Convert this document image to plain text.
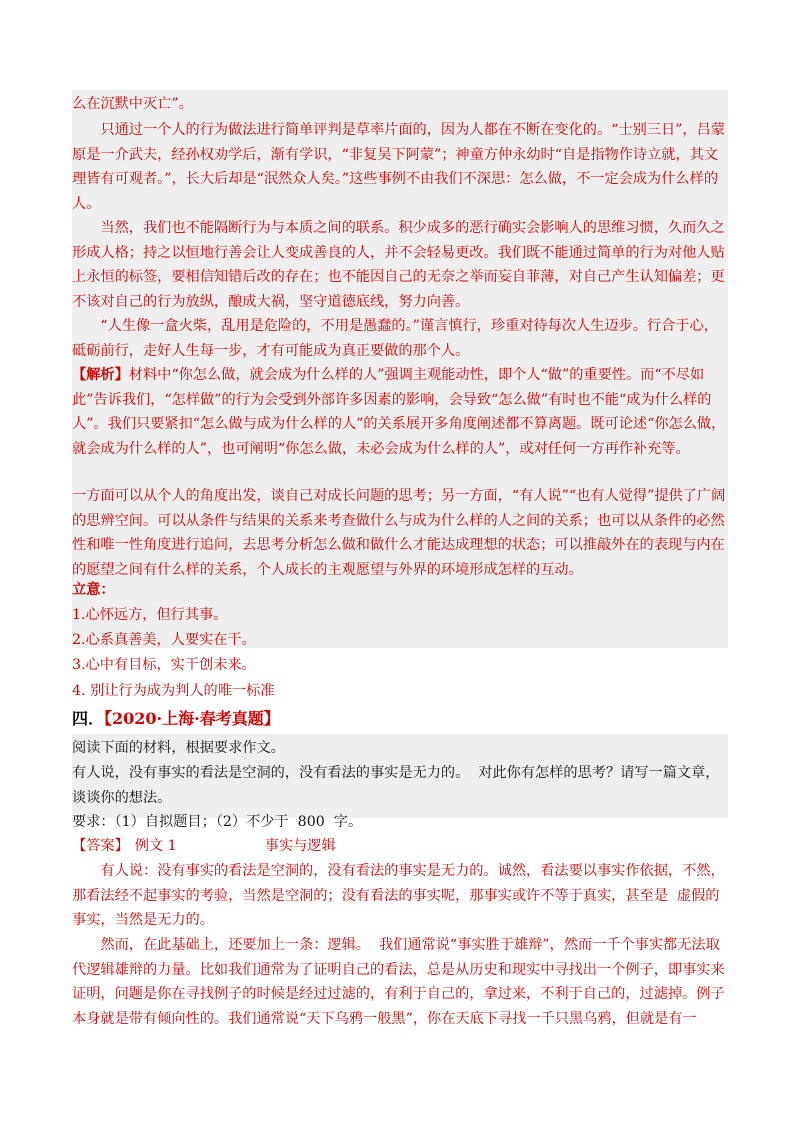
么在沉默中灭亡”。

只通过一个人的行为做法进行简单评判是草率片面的，因为人都在不断在变化的。“士别三日”，吕蒙原是一介武夫，经孙权劝学后，渐有学识，“非复吴下阿蒙”；神童方仲永幼时“自是指物作诗立就，其文理皆有可观者。”，长大后却是“泯然众人矣。”这些事例不由我们不深思：怎么做，不一定会成为什么样的人。

当然，我们也不能隔断行为与本质之间的联系。积少成多的恶行确实会影响人的思维习惯，久而久之形成人格；持之以恒地行善会让人变成善良的人，并不会轻易更改。我们既不能通过简单的行为对他人贴上永恒的标签，要相信知错后改的存在；也不能因自己的无奈之举而妄自菲薄，对自己产生认知偏差；更不该对自己的行为放纵，酿成大祸，坚守道德底线，努力向善。

“人生像一盒火柴，乱用是危险的，不用是愚蠢的。”谨言慎行，珍重对待每次人生迈步。行合于心，砥砺前行，走好人生每一步，才有可能成为真正要做的那个人。

【解析】材料中“你怎么做，就会成为什么样的人”强调主观能动性，即个人“做”的重要性。而“不尽如此”告诉我们，“怎样做”的行为会受到外部许多因素的影响，会导致“怎么做”有时也不能“成为什么样的人”。我们只要紧扣“怎么做与成为什么样的人”的关系展开多角度阐述都不算离题。既可论述“你怎么做，就会成为什么样的人”，也可阐明“你怎么做，未必会成为什么样的人”，或对任何一方再作补充等。

一方面可以从个人的角度出发，谈自己对成长问题的思考；另一方面，“有人说”“也有人觉得”提供了广阔的思辨空间。可以从条件与结果的关系来考查做什么与成为什么样的人之间的关系；也可以从条件的必然性和唯一性角度进行追问，去思考分析怎么做和做什么才能达成理想的状态；可以推敲外在的表现与内在的愿望之间有什么样的关系，个人成长的主观愿望与外界的环境形成怎样的互动。

立意：

1.心怀远方，但行其事。

2.心系真善美，人要实在干。

3.心中有目标，实干创未来。

4. 别让行为成为判人的唯一标准

四．【2020·上海·春考真题】

阅读下面的材料，根据要求作文。

有人说，没有事实的看法是空洞的，没有看法的事实是无力的。  对此你有怎样的思考？请写一篇文章，谈谈你的想法。

要求：（1）自拟题目；（2）不少于  800  字。

【答案】 例文 1	事实与逻辑

有人说：没有事实的看法是空洞的，没有看法的事实是无力的。诚然，看法要以事实作依据，不然，那看法经不起事实的考验，当然是空洞的；没有看法的事实呢，那事实或许不等于真实，甚至是  虚假的事实，当然是无力的。

然而，在此基础上，还要加上一条：逻辑。  我们通常说“事实胜于雄辩”，然而一千个事实都无法取代逻辑雄辩的力量。比如我们通常为了证明自己的看法，总是从历史和现实中寻找出一个例子，即事实来证明，问题是你在寻找例子的时候是经过过滤的，有利于自己的，拿过来，不利于自己的，过滤掉。例子本身就是带有倾向性的。我们通常说“天下乌鸦一般黑”，你在天底下寻找一千只黑乌鸦，但就是有一
